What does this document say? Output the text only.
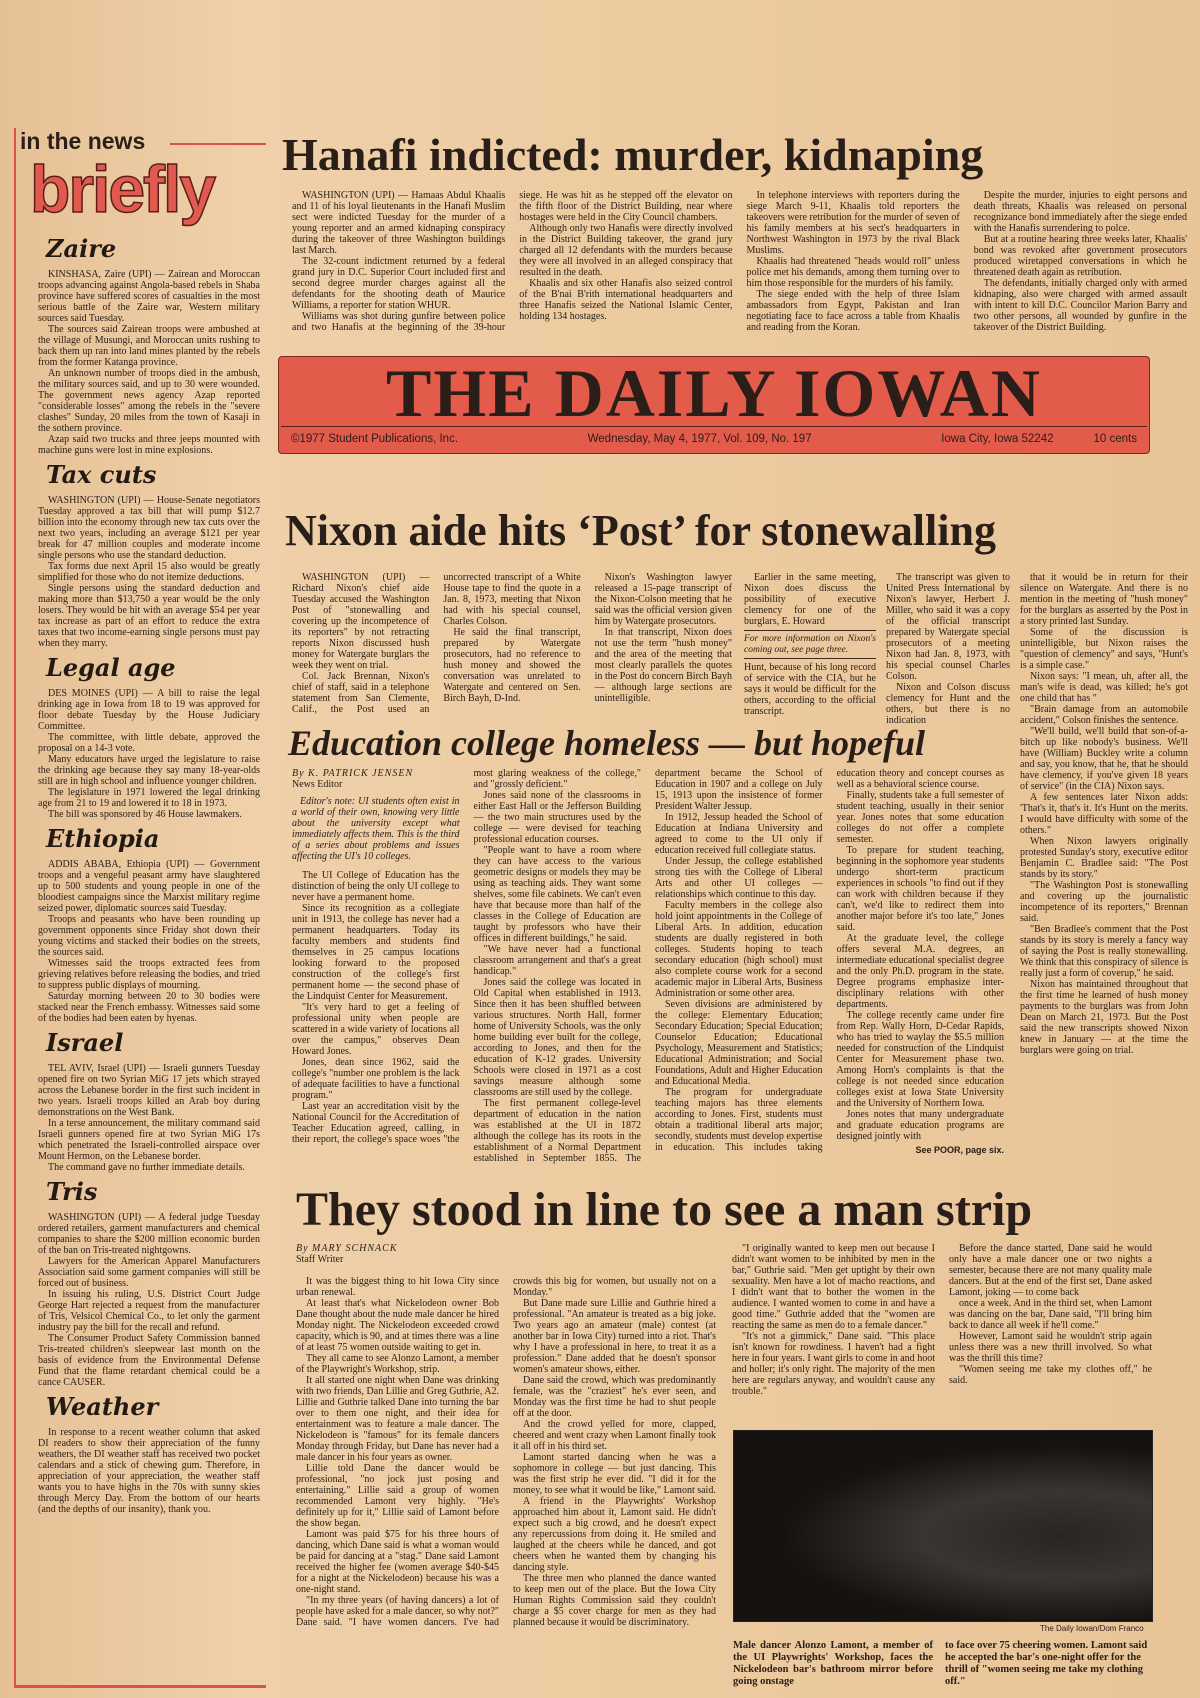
in the news
briefly
Zaire

KINSHASA, Zaire (UPI) — Zairean and Moroccan troops advancing against Angola-based rebels in Shaba province have suffered scores of casualties in the most serious battle of the Zaire war, Western military sources said Tuesday.

The sources said Zairean troops were ambushed at the village of Musungi, and Moroccan units rushing to back them up ran into land mines planted by the rebels from the former Katanga province.

An unknown number of troops died in the ambush, the military sources said, and up to 30 were wounded. The government news agency Azap reported "considerable losses" among the rebels in the "severe clashes" Sunday, 20 miles from the town of Kasaji in the sothern province.

Azap said two trucks and three jeeps mounted with machine guns were lost in mine explosions.

Tax cuts

WASHINGTON (UPI) — House-Senate negotiators Tuesday approved a tax bill that will pump $12.7 billion into the economy through new tax cuts over the next two years, including an average $121 per year break for 47 million couples and moderate income single persons who use the standard deduction.

Tax forms due next April 15 also would be greatly simplified for those who do not itemize deductions.

Single persons using the standard deduction and making more than $13,750 a year would be the only losers. They would be hit with an average $54 per year tax increase as part of an effort to reduce the extra taxes that two income-earning single persons must pay when they marry.

Legal age

DES MOINES (UPI) — A bill to raise the legal drinking age in Iowa from 18 to 19 was approved for floor debate Tuesday by the House Judiciary Committee.

The committee, with little debate, approved the proposal on a 14-3 vote.

Many educators have urged the legislature to raise the drinking age because they say many 18-year-olds still are in high school and influence younger children.

The legislature in 1971 lowered the legal drinking age from 21 to 19 and lowered it to 18 in 1973.

The bill was sponsored by 46 House lawmakers.

Ethiopia

ADDIS ABABA, Ethiopia (UPI) — Government troops and a vengeful peasant army have slaughtered up to 500 students and young people in one of the bloodiest campaigns since the Marxist military regime seized power, diplomatic sources said Tuesday.

Troops and peasants who have been rounding up government opponents since Friday shot down their young victims and stacked their bodies on the streets, the sources said.

Witnesses said the troops extracted fees from grieving relatives before releasing the bodies, and tried to suppress public displays of mourning.

Saturday morning between 20 to 30 bodies were stacked near the French embassy. Witnesses said some of the bodies had been eaten by hyenas.

Israel

TEL AVIV, Israel (UPI) — Israeli gunners Tuesday opened fire on two Syrian MiG 17 jets which strayed across the Lebanese border in the first such incident in two years. Israeli troops killed an Arab boy during demonstrations on the West Bank.

In a terse announcement, the military command said Israeli gunners opened fire at two Syrian MiG 17s which penetrated the Israeli-controlled airspace over Mount Hermon, on the Lebanese border.

The command gave no further immediate details.

Tris

WASHINGTON (UPI) — A federal judge Tuesday ordered retailers, garment manufacturers and chemical companies to share the $200 million economic burden of the ban on Tris-treated nightgowns.

Lawyers for the American Apparel Manufacturers Association said some garment companies will still be forced out of business.

In issuing his ruling, U.S. District Court Judge George Hart rejected a request from the manufacturer of Tris, Velsicol Chemical Co., to let only the garment industry pay the bill for the recall and refund.

The Consumer Product Safety Commission banned Tris-treated children's sleepwear last month on the basis of evidence from the Environmental Defense Fund that the flame retardant chemical could be a cance CAUSER.

Weather

In response to a recent weather column that asked DI readers to show their appreciation of the funny weathers, the DI weather staff has received two pocket calendars and a stick of chewing gum. Therefore, in appreciation of your appreciation, the weather staff wants you to have highs in the 70s with sunny skies through Mercy Day. From the bottom of our hearts (and the depths of our insanity), thank you.

Hanafi indicted: murder, kidnaping

WASHINGTON (UPI) — Hamaas Abdul Khaalis and 11 of his loyal lieutenants in the Hanafi Muslim sect were indicted Tuesday for the murder of a young reporter and an armed kidnaping conspiracy during the takeover of three Washington buildings last March.

The 32-count indictment returned by a federal grand jury in D.C. Superior Court included first and second degree murder charges against all the defendants for the shooting death of Maurice Williams, a reporter for station WHUR.

Williams was shot during gunfire between police and two Hanafis at the beginning of the 39-hour siege. He was hit as he stepped off the elevator on the fifth floor of the District Building, near where hostages were held in the City Council chambers.

Although only two Hanafis were directly involved in the District Building takeover, the grand jury charged all 12 defendants with the murders because they were all involved in an alleged conspiracy that resulted in the death.

Khaalis and six other Hanafis also seized control of the B'nai B'rith international headquarters and three Hanafis seized the National Islamic Center, holding 134 hostages.

In telephone interviews with reporters during the siege March 9-11, Khaalis told reporters the takeovers were retribution for the murder of seven of his family members at his sect's headquarters in Northwest Washington in 1973 by the rival Black Muslims.

Khaalis had threatened "heads would roll" unless police met his demands, among them turning over to him those responsible for the murders of his family.

The siege ended with the help of three Islam ambassadors from Egypt, Pakistan and Iran negotiating face to face across a table from Khaalis and reading from the Koran.

Despite the murder, injuries to eight persons and death threats, Khaalis was released on personal recognizance bond immediately after the siege ended with the Hanafis surrendering to polce.

But at a routine hearing three weeks later, Khaalis' bond was revoked after government prosecutors produced wiretapped conversations in which he threatened death again as retribution.

The defendants, initially charged only with armed kidnaping, also were charged with armed assault with intent to kill D.C. Councilor Marion Barry and two other persons, all wounded by gunfire in the takeover of the District Building.

THE DAILY IOWAN
©1977 Student Publications, Inc.	Wednesday, May 4, 1977, Vol. 109, No. 197	Iowa City, Iowa 52242	10 cents
Nixon aide hits ‘Post’ for stonewalling

WASHINGTON (UPI) — Richard Nixon's chief aide Tuesday accused the Washington Post of "stonewalling and covering up the incompetence of its reporters" by not retracting reports Nixon discussed hush money for Watergate burglars the week they went on trial.

Col. Jack Brennan, Nixon's chief of staff, said in a telephone statement from San Clemente, Calif., the Post used an uncorrected transcript of a White House tape to find the quote in a Jan. 8, 1973, meeting that Nixon had with his special counsel, Charles Colson.

He said the final transcript, prepared by Watergate prosecutors, had no reference to hush money and showed the conversation was unrelated to Watergate and centered on Sen. Birch Bayh, D-Ind.

Nixon's Washington lawyer released a 15-page transcript of the Nixon-Colson meeting that he said was the official version given him by Watergate prosecutors.

In that transcript, Nixon does not use the term "hush money" and the area of the meeting that most clearly parallels the quotes in the Post do concern Birch Bayh — although large sections are unintelligible.

Earlier in the same meeting, Nixon does discuss the possibility of executive clemency for one of the burglars, E. Howard

For more information on Nixon's coming out, see page three.

Hunt, because of his long record of service with the CIA, but he says it would be difficult for the others, according to the official transcript.

The transcript was given to United Press International by Nixon's lawyer, Herbert J. Miller, who said it was a copy of the official transcript prepared by Watergate special prosecutors of a meeting Nixon had Jan. 8, 1973, with his special counsel Charles Colson.

Nixon and Colson discuss clemency for Hunt and the others, but there is no indication

that it would be in return for their silence on Watergate. And there is no mention in the meeting of "hush money" for the burglars as asserted by the Post in a story printed last Sunday.

Some of the discussion is unintelligible, but Nixon raises the "question of clemency" and says, "Hunt's is a simple case."

Nixon says: "I mean, uh, after all, the man's wife is dead, was killed; he's got one child that has "

"Brain damage from an automobile accident," Colson finishes the sentence.

"We'll build, we'll build that son-of-a-bitch up like nobody's business. We'll have (William) Buckley write a column and say, you know, that he, that he should have clemency, if you've given 18 years of service" (in the CIA) Nixon says.

A few sentences later Nixon adds: 'That's it, that's it. It's Hunt on the merits. I would have difficulty with some of the others."

When Nixon lawyers originally protested Sunday's story, executive editor Benjamin C. Bradlee said: "The Post stands by its story."

"The Washington Post is stonewalling and covering up the journalistic incompetence of its reporters," Brennan said.

"Ben Bradlee's comment that the Post stands by its story is merely a fancy way of saying the Post is really stonewalling. We think that this conspiracy of silence is really just a form of coverup," he said.

Nixon has maintained throughout that the first time he learned of hush money payments to the burglars was from John Dean on March 21, 1973. But the Post said the new transcripts showed Nixon knew in January — at the time the burglars were going on trial.

Education college homeless — but hopeful
By K. PATRICK JENSEN
News Editor
Editor's note: UI students often exist in a world of their own, knowing very little about the university except what immediately affects them. This is the third of a series about problems and issues affecting the UI's 10 colleges.

The UI College of Education has the distinction of being the only UI college to never have a permanent home.

Since its recognition as a collegiate unit in 1913, the college has never had a permanent headquarters. Today its faculty members and students find themselves in 25 campus locations looking forward to the proposed construction of the college's first permanent home — the second phase of the Lindquist Center for Measurement.

"It's very hard to get a feeling of professional unity when people are scattered in a wide variety of locations all over the campus," observes Dean Howard Jones.

Jones, dean since 1962, said the college's "number one problem is the lack of adequate facilities to have a functional program."

Last year an accreditation visit by the National Council for the Accreditation of Teacher Education agreed, calling, in their report, the college's space woes "the most glaring weakness of the college," and "grossly deficient."

Jones said none of the classrooms in either East Hall or the Jefferson Building — the two main structures used by the college — were devised for teaching professional education courses.

"People want to have a room where they can have access to the various geometric designs or models they may be using as teaching aids. They want some shelves, some file cabinets. We can't even have that because more than half of the classes in the College of Education are taught by professors who have their offices in different buildings," he said.

"We have never had a functional classroom arrangement and that's a great handicap."

Jones said the college was located in Old Capital when established in 1913. Since then it has been shuffled between various structures. North Hall, former home of University Schools, was the only home building ever built for the college, according to Jones, and then for the education of K-12 grades. University Schools were closed in 1971 as a cost savings measure although some classrooms are still used by the college.

The first permanent college-level department of education in the nation was established at the UI in 1872 although the college has its roots in the establishment of a Normal Department established in September 1855. The department became the School of Education in 1907 and a college on July 15, 1913 upon the insistence of former President Walter Jessup.

In 1912, Jessup headed the School of Education at Indiana University and agreed to come to the UI only if education received full collegiate status.

Under Jessup, the college established strong ties with the College of Liberal Arts and other UI colleges — relationships which continue to this day.

Faculty members in the college also hold joint appointments in the College of Liberal Arts. In addition, education students are dually registered in both colleges. Students hoping to teach secondary education (high school) must also complete course work for a second academic major in Liberal Arts, Business Administration or some other area.

Seven divisions are administered by the college: Elementary Education; Secondary Education; Special Education; Counselor Education; Educational Psychology, Measurement and Statistics; Educational Administration; and Social Foundations, Adult and Higher Education and Educational Media.

The program for undergraduate teaching majors has three elements according to Jones. First, students must obtain a traditional liberal arts major; secondly, students must develop expertise in education. This includes taking education theory and concept courses as well as a behavioral science course.

Finally, students take a full semester of student teaching, usually in their senior year. Jones notes that some education colleges do not offer a complete semester.

To prepare for student teaching, beginning in the sophomore year students undergo short-term practicum experiences in schools "to find out if they can work with children because if they can't, we'd like to redirect them into another major before it's too late," Jones said.

At the graduate level, the college offers several M.A. degrees, an intermediate educational specialist degree and the only Ph.D. program in the state. Degree programs emphasize inter-disciplinary relations with other departments.

The college recently came under fire from Rep. Wally Horn, D-Cedar Rapids, who has tried to waylay the $5.5 million needed for construction of the Lindquist Center for Measurement phase two. Among Horn's complaints is that the college is not needed since education colleges exist at Iowa State University and the University of Northern Iowa.

Jones notes that many undergraduate and graduate education programs are designed jointly with

See POOR, page six.
They stood in line to see a man strip
By MARY SCHNACK
Staff Writer

It was the biggest thing to hit Iowa City since urban renewal.

At least that's what Nickelodeon owner Bob Dane thought about the nude male dancer he hired Monday night. The Nickelodeon exceeded crowd capacity, which is 90, and at times there was a line of at least 75 women outside waiting to get in.

They all came to see Alonzo Lamont, a member of the Playwright's Workshop, strip.

It all started one night when Dane was drinking with two friends, Dan Lillie and Greg Guthrie, A2. Lillie and Guthrie talked Dane into turning the bar over to them one night, and their idea for entertainment was to feature a male dancer. The Nickelodeon is "famous" for its female dancers Monday through Friday, but Dane has never had a male dancer in his four years as owner.

Lillie told Dane the dancer would be professional, "no jock just posing and entertaining." Lillie said a group of women recommended Lamont very highly. "He's definitely up for it," Lillie said of Lamont before the show began.

Lamont was paid $75 for his three hours of dancing, which Dane said is what a woman would be paid for dancing at a "stag." Dane said Lamont received the higher fee (women average $40-$45 for a night at the Nickelodeon) because his was a one-night stand.

"In my three years (of having dancers) a lot of people have asked for a male dancer, so why not?" Dane said. "I have women dancers. I've had crowds this big for women, but usually not on a Monday."

But Dane made sure Lillie and Guthrie hired a professional. "An amateur is treated as a big joke. Two years ago an amateur (male) contest (at another bar in Iowa City) turned into a riot. That's why I have a professional in here, to treat it as a profession." Dane added that he doesn't sponsor women's amateur shows, either.

Dane said the crowd, which was predominantly female, was the "craziest" he's ever seen, and Monday was the first time he had to shut people off at the door.

And the crowd yelled for more, clapped, cheered and went crazy when Lamont finally took it all off in his third set.

Lamont started dancing when he was a sophomore in college — but just dancing. This was the first strip he ever did. "I did it for the money, to see what it would be like," Lamont said.

A friend in the Playwrights' Workshop approached him about it, Lamont said. He didn't expect such a big crowd, and he doesn't expect any repercussions from doing it. He smiled and laughed at the cheers while he danced, and got cheers when he wanted them by changing his dancing style.

The three men who planned the dance wanted to keep men out of the place. But the Iowa City Human Rights Commission said they couldn't charge a $5 cover charge for men as they had planned because it would be discriminatory.

"I originally wanted to keep men out because I didn't want women to be inhibited by men in the bar," Guthrie said. "Men get uptight by their own sexuality. Men have a lot of macho reactions, and I didn't want that to bother the women in the audience. I wanted women to come in and have a good time." Guthrie added that the "women are reacting the same as men do to a female dancer."

"It's not a gimmick," Dane said. "This place isn't known for rowdiness. I haven't had a fight here in four years. I want girls to come in and hoot and holler; it's only right. The majority of the men here are regulars anyway, and wouldn't cause any trouble."

Before the dance started, Dane said he would only have a male dancer one or two nights a semester, because there are not many quality male dancers. But at the end of the first set, Dane asked Lamont, joking — to come back

once a week. And in the third set, when Lamont was dancing on the bar, Dane said, "I'll bring him back to dance all week if he'll come."

However, Lamont said he wouldn't strip again unless there was a new thrill involved. So what was the thrill this time?

"Women seeing me take my clothes off," he said.

The Daily Iowan/Dom Franco
Male dancer Alonzo Lamont, a member of the UI Playwrights' Workshop, faces the Nickelodeon bar's bathroom mirror before going onstage
to face over 75 cheering women. Lamont said he accepted the bar's one-night offer for the thrill of "women seeing me take my clothing off."
